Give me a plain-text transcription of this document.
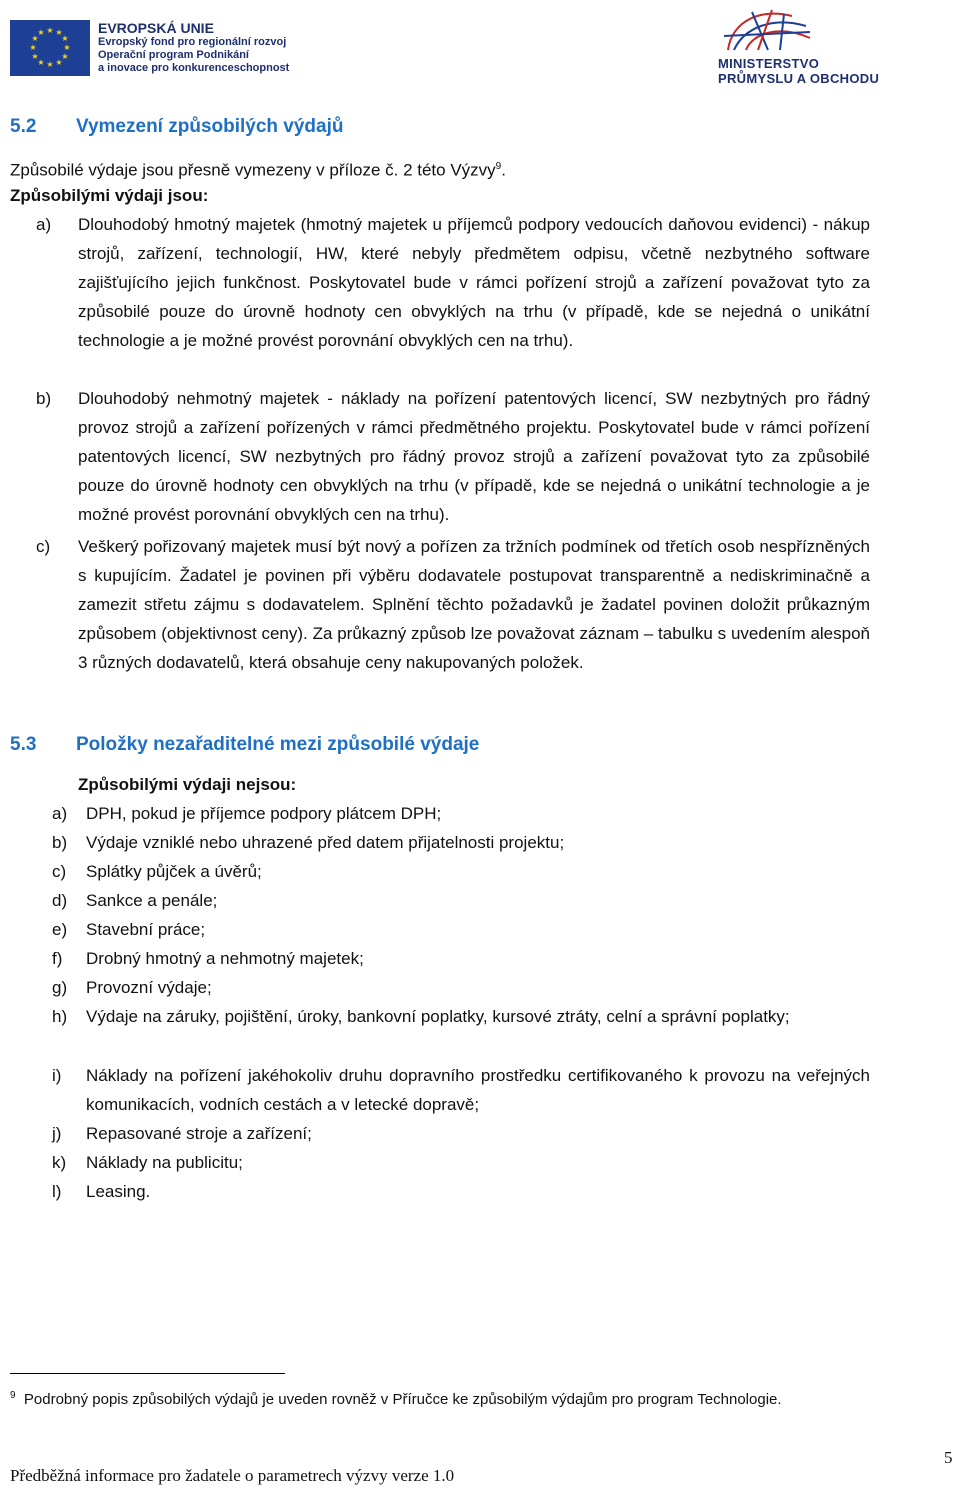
★ ★
★
★
★
★
★
★
★
★
★
★	EVROPSKÁ UNIE
Evropský fond pro regionální rozvoj
Operační program Podnikání
a inovace pro konkurenceschopnost	MINISTERSTVO
PRŮMYSLU A OBCHODU
5.2 Vymezení způsobilých výdajů
Způsobilé výdaje jsou přesně vymezeny v příloze č. 2 této Výzvy$^9$.
Způsobilými výdaji jsou:
a) Dlouhodobý hmotný majetek (hmotný majetek u příjemců podpory vedoucích daňovou evidenci) - nákup strojů, zařízení, technologií, HW, které nebyly předmětem odpisu, včetně nezbytného software zajišťujícího jejich funkčnost. Poskytovatel bude v rámci pořízení strojů a zařízení považovat tyto za způsobilé pouze do úrovně hodnoty cen obvyklých na trhu (v případě, kde se nejedná o unikátní technologie a je možné provést porovnání obvyklých cen na trhu).
b) Dlouhodobý nehmotný majetek - náklady na pořízení patentových licencí, SW nezbytných pro řádný provoz strojů a zařízení pořízených v rámci předmětného projektu. Poskytovatel bude v rámci pořízení patentových licencí, SW nezbytných pro řádný provoz strojů a zařízení považovat tyto za způsobilé pouze do úrovně hodnoty cen obvyklých na trhu (v případě, kde se nejedná o unikátní technologie a je možné provést porovnání obvyklých cen na trhu).
c) Veškerý pořizovaný majetek musí být nový a pořízen za tržních podmínek od třetích osob nespřízněných s kupujícím. Žadatel je povinen při výběru dodavatele postupovat transparentně a nediskriminačně a zamezit střetu zájmu s dodavatelem. Splnění těchto požadavků je žadatel povinen doložit průkazným způsobem (objektivnost ceny). Za průkazný způsob lze považovat záznam – tabulku s uvedením alespoň 3 různých dodavatelů, která obsahuje ceny nakupovaných položek.
5.3 Položky nezařaditelné mezi způsobilé výdaje
Způsobilými výdaji nejsou:
a) DPH, pokud je příjemce podpory plátcem DPH;
b) Výdaje vzniklé nebo uhrazené před datem přijatelnosti projektu;
c) Splátky půjček a úvěrů;
d) Sankce a penále;
e) Stavební práce;
f) Drobný hmotný a nehmotný majetek;
g) Provozní výdaje;
h) Výdaje na záruky, pojištění, úroky, bankovní poplatky, kursové ztráty, celní a správní poplatky;
i) Náklady na pořízení jakéhokoliv druhu dopravního prostředku certifikovaného k provozu na veřejných komunikacích, vodních cestách a v letecké dopravě;
j) Repasované stroje a zařízení;
k) Náklady na publicitu;
l) Leasing.
$^9$ Podrobný popis způsobilých výdajů je uveden rovněž v Příručce ke způsobilým výdajům pro program Technologie.
Předběžná informace pro žadatele o parametrech výzvy verze 1.0
5
